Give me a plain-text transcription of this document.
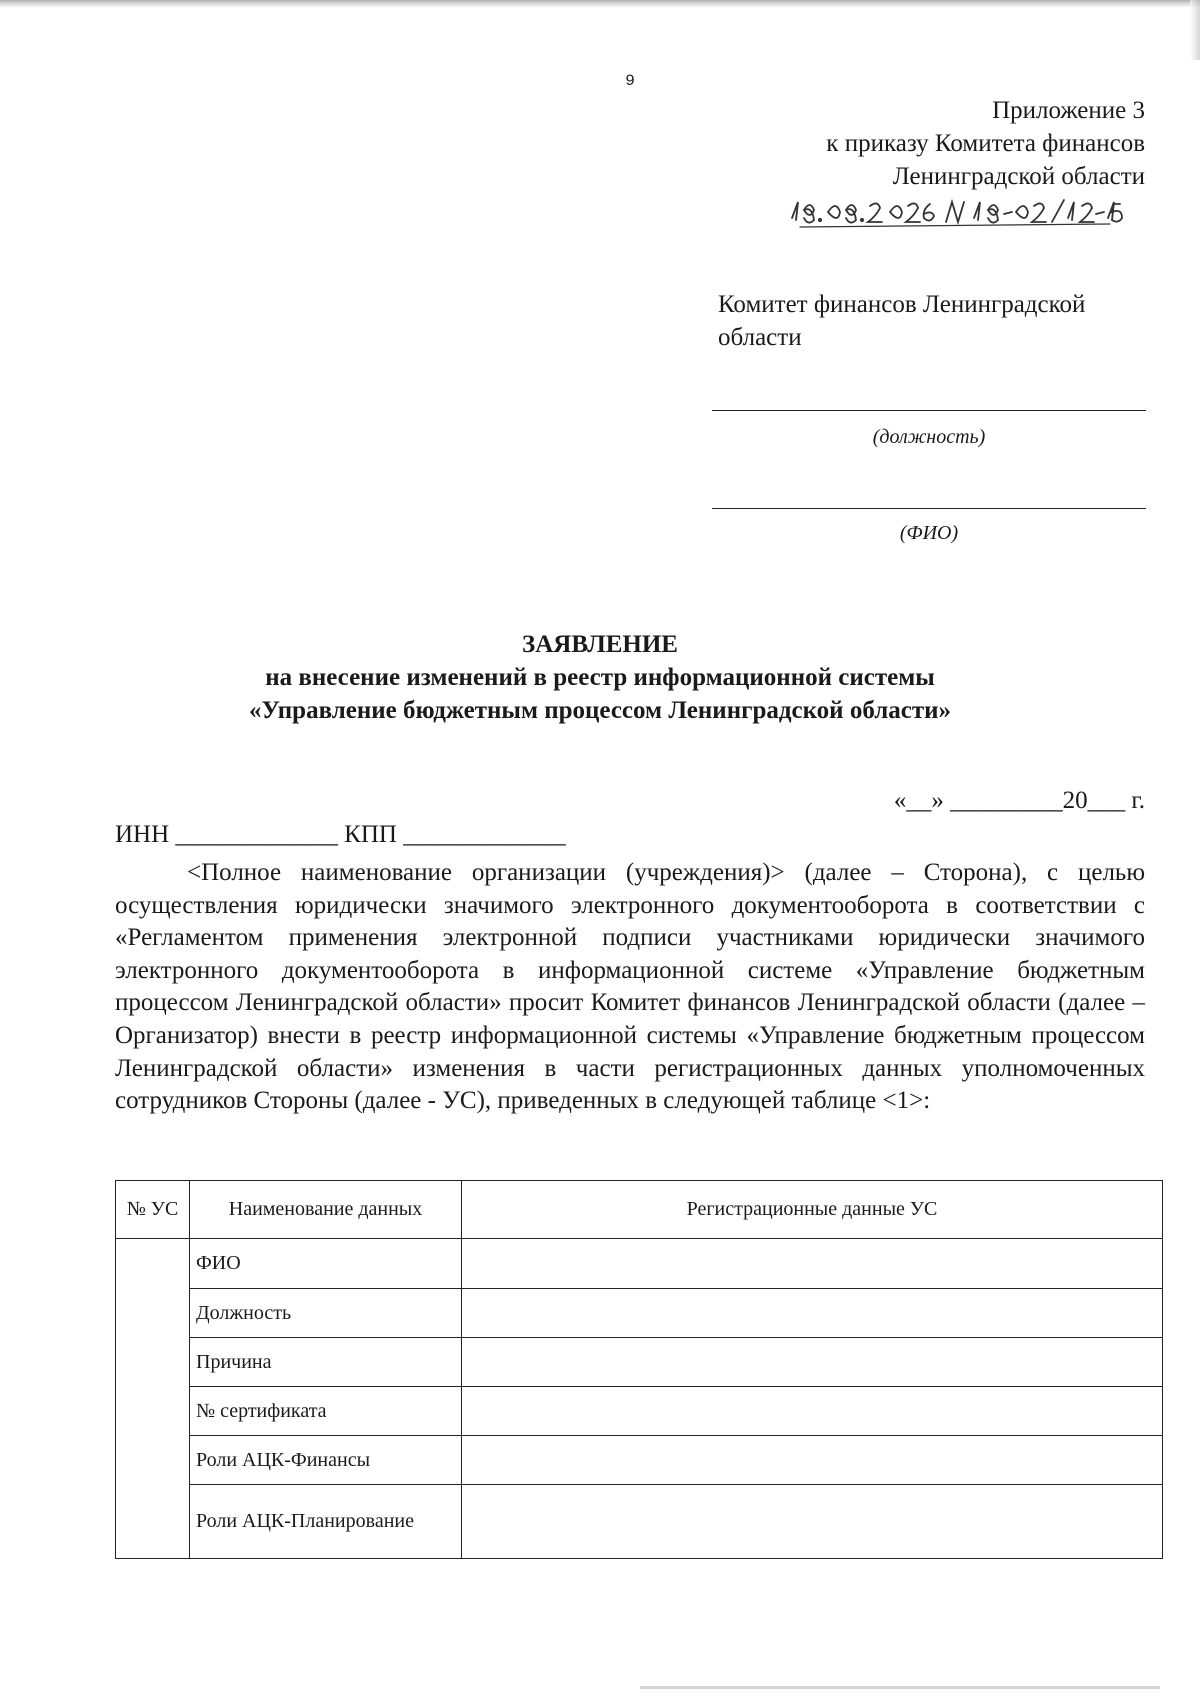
9
Приложение 3
к приказу Комитета финансов
Ленинградской области
Комитет финансов Ленинградской области
(должность)
(ФИО)
ЗАЯВЛЕНИЕ
на внесение изменений в реестр информационной системы
«Управление бюджетным процессом Ленинградской области»
«__» _________20___ г.
ИНН _____________ КПП _____________

<Полное наименование организации (учреждения)> (далее – Сторона), с целью осуществления юридически значимого электронного документооборота в соответствии с «Регламентом применения электронной подписи участниками юридически значимого электронного документооборота в информационной системе «Управление бюджетным процессом Ленинградской области» просит Комитет финансов Ленинградской области (далее – Организатор) внести в реестр информационной системы «Управление бюджетным процессом Ленинградской области» изменения в части регистрационных данных уполномоченных сотрудников Стороны (далее - УС), приведенных в следующей таблице <1>:

№ УС	Наименование данных	Регистрационные данные УС
	ФИО	
	Должность	
	Причина	
	№ сертификата	
	Роли АЦК-Финансы	
	Роли АЦК-Планирование	
